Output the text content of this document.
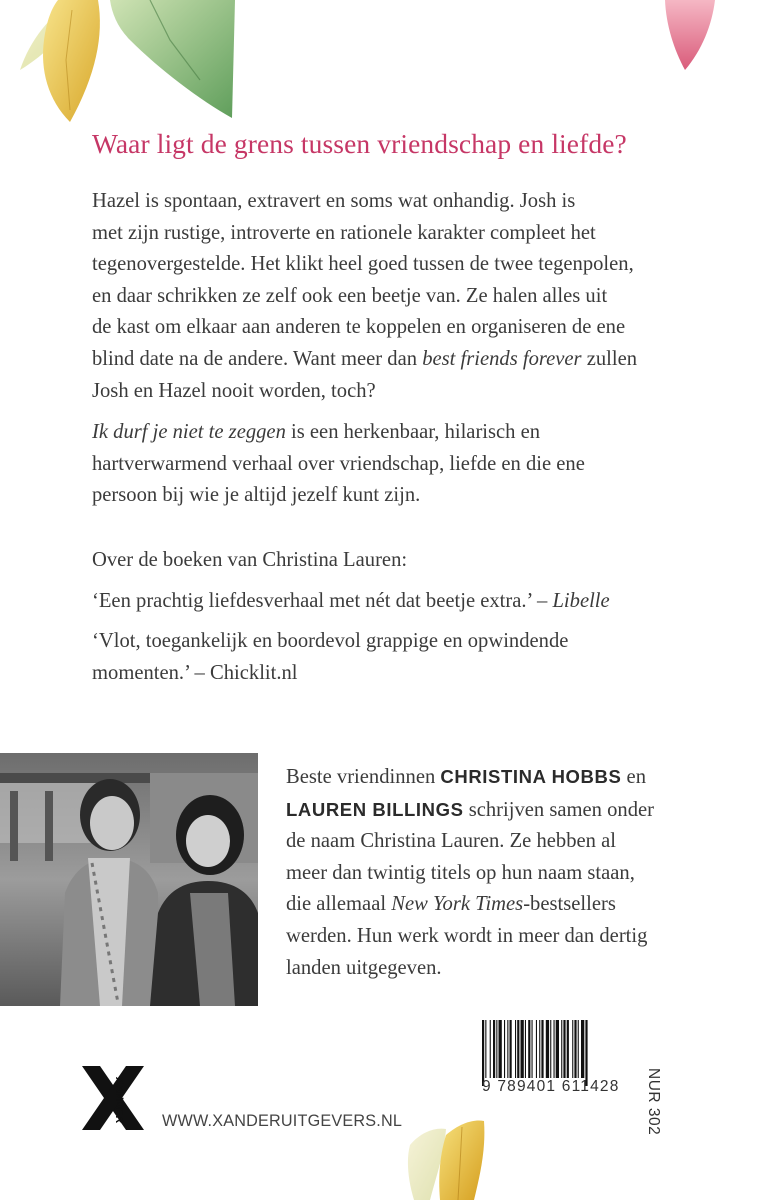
Waar ligt de grens tussen vriendschap en liefde?

Hazel is spontaan, extravert en soms wat onhandig. Josh is
met zijn rustige, introverte en rationele karakter compleet het
tegenovergestelde. Het klikt heel goed tussen de twee tegenpolen,
en daar schrikken ze zelf ook een beetje van. Ze halen alles uit
de kast om elkaar aan anderen te koppelen en organiseren de ene
blind date na de andere. Want meer dan best friends forever zullen
Josh en Hazel nooit worden, toch?

Ik durf je niet te zeggen is een herkenbaar, hilarisch en
hartverwarmend verhaal over vriendschap, liefde en die ene
persoon bij wie je altijd jezelf kunt zijn.

Over de boeken van Christina Lauren:
‘Een prachtig liefdesverhaal met nét dat beetje extra.’ – Libelle
‘Vlot, toegankelijk en boordevol grappige en opwindende
momenten.’ – Chicklit.nl
Beste vriendinnen CHRISTINA HOBBS en
LAUREN BILLINGS schrijven samen onder
de naam Christina Lauren. Ze hebben al
meer dan twintig titels op hun naam staan,
die allemaal New York Times-bestsellers
werden. Hun werk wordt in meer dan dertig
landen uitgegeven.
XANDER WWW.XANDERUITGEVERS.NL
9 789401 611428 NUR 302
